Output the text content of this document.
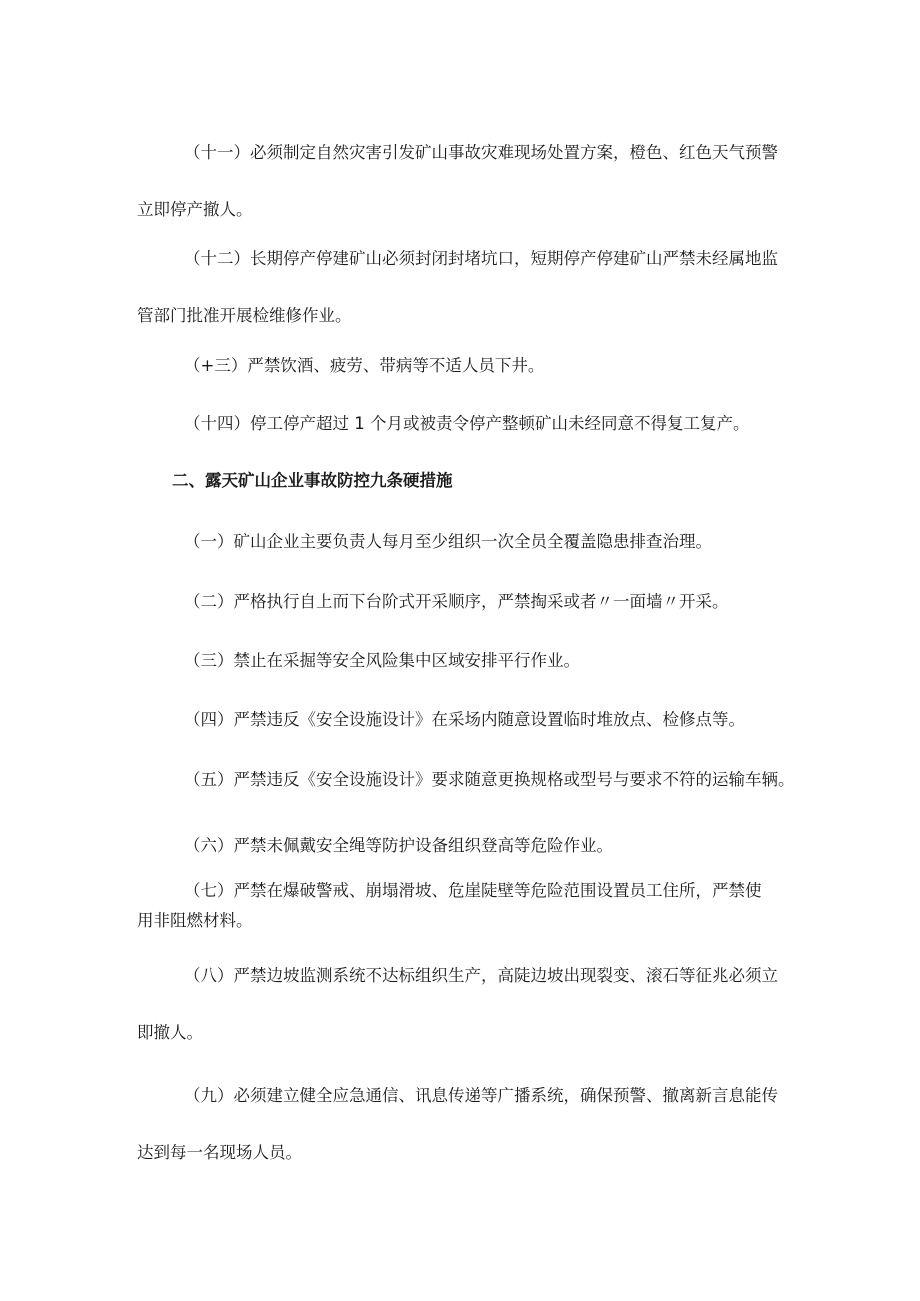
（十一）必须制定自然灾害引发矿山事故灾难现场处置方案，橙色、红色天气预警
立即停产撤人。

（十二）长期停产停建矿山必须封闭封堵坑口，短期停产停建矿山严禁未经属地监
管部门批准开展检维修作业。

（+三）严禁饮酒、疲劳、带病等不适人员下井。

（十四）停工停产超过 1 个月或被责令停产整顿矿山未经同意不得复工复产。

二、露天矿山企业事故防控九条硬措施

（一）矿山企业主要负责人每月至少组织一次全员全覆盖隐患排查治理。

（二）严格执行自上而下台阶式开采顺序，严禁掏采或者〃一面墙〃开采。

（三）禁止在采掘等安全风险集中区域安排平行作业。

（四）严禁违反《安全设施设计》在采场内随意设置临时堆放点、检修点等。

（五）严禁违反《安全设施设计》要求随意更换规格或型号与要求不符的运输车辆。

（六）严禁未佩戴安全绳等防护设备组织登高等危险作业。

（七）严禁在爆破警戒、崩塌滑坡、危崖陡壁等危险范围设置员工住所，严禁使
用非阻燃材料。

（八）严禁边坡监测系统不达标组织生产，高陡边坡出现裂变、滚石等征兆必须立
即撤人。

（九）必须建立健全应急通信、讯息传递等广播系统，确保预警、撤离新言息能传
达到每一名现场人员。
